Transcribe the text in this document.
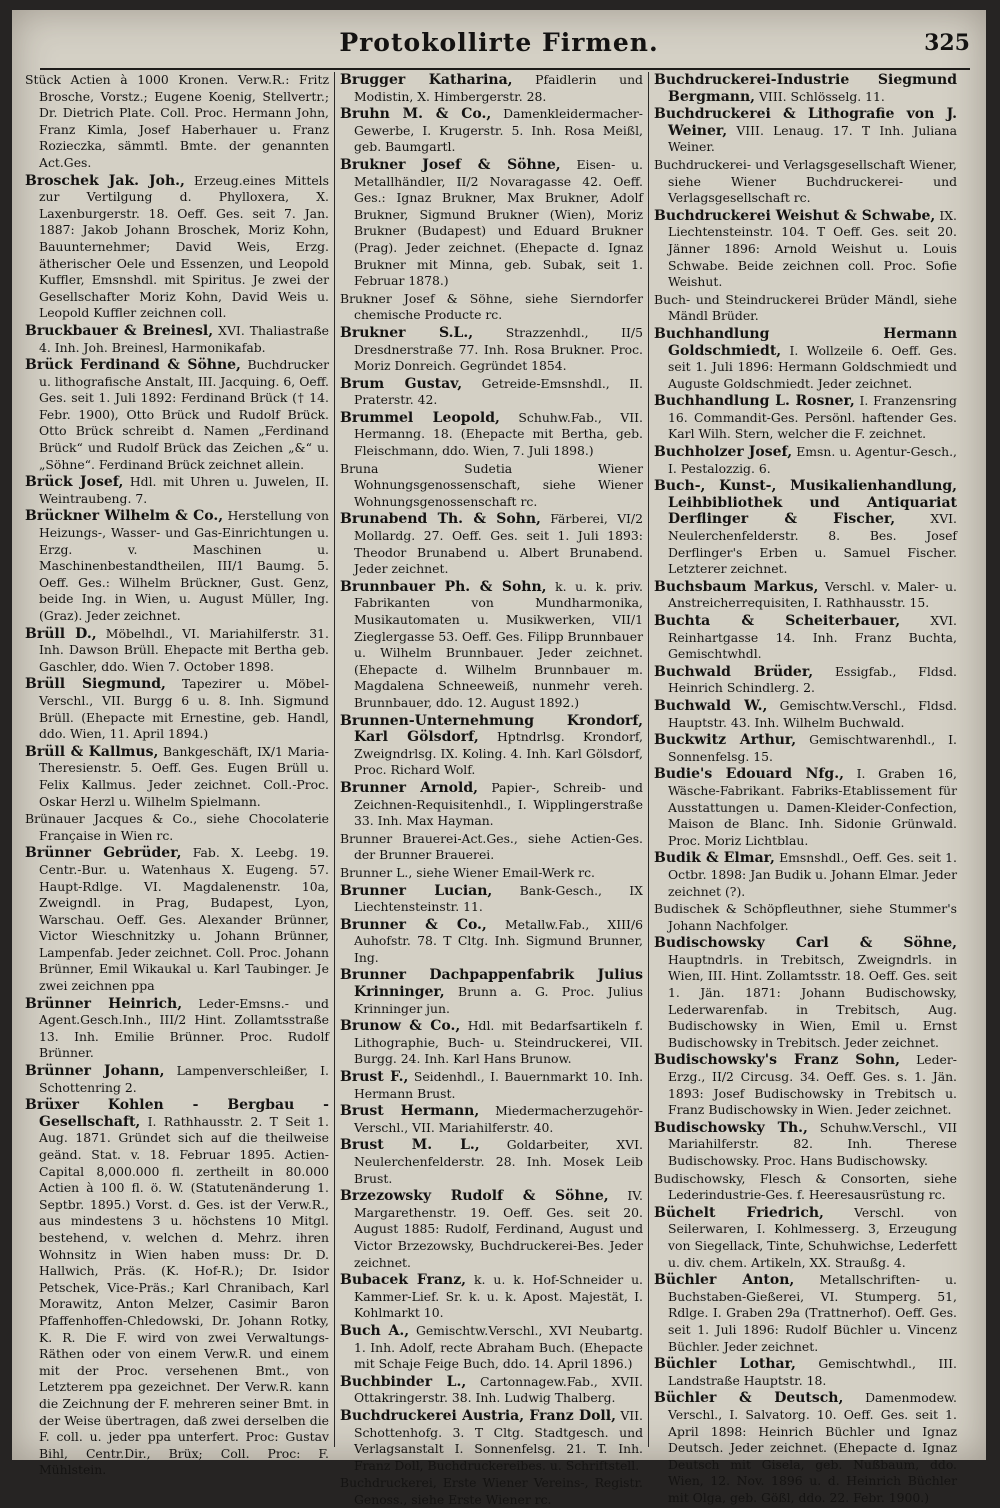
Protokollirte Firmen.	325

Stück Actien à 1000 Kronen. Verw.R.: Fritz Brosche, Vorstz.; Eugene Koenig, Stellvertr.; Dr. Dietrich Plate. Coll. Proc. Hermann John, Franz Kimla, Josef Haberhauer u. Franz Rozieczka, sämmtl. Bmte. der genannten Act.Ges.

Broschek Jak. Joh., Erzeug.eines Mittels zur Vertilgung d. Phylloxera, X. Laxenburgerstr. 18. Oeff. Ges. seit 7. Jan. 1887: Jakob Johann Broschek, Moriz Kohn, Bauunternehmer; David Weis, Erzg. ätherischer Oele und Essenzen, und Leopold Kuffler, Emsnshdl. mit Spiritus. Je zwei der Gesellschafter Moriz Kohn, David Weis u. Leopold Kuffler zeichnen coll.

Bruckbauer & Breinesl, XVI. Thaliastraße 4. Inh. Joh. Breinesl, Harmonikafab.

Brück Ferdinand & Söhne, Buchdrucker u. lithografische Anstalt, III. Jacquing. 6, Oeff. Ges. seit 1. Juli 1892: Ferdinand Brück († 14. Febr. 1900), Otto Brück und Rudolf Brück. Otto Brück schreibt d. Namen „Ferdinand Brück“ und Rudolf Brück das Zeichen „&“ u. „Söhne“. Ferdinand Brück zeichnet allein.

Brück Josef, Hdl. mit Uhren u. Juwelen, II. Weintraubeng. 7.

Brückner Wilhelm & Co., Herstellung von Heizungs-, Wasser- und Gas-Einrichtungen u. Erzg. v. Maschinen u. Maschinenbestandtheilen, III/1 Baumg. 5. Oeff. Ges.: Wilhelm Brückner, Gust. Genz, beide Ing. in Wien, u. August Müller, Ing. (Graz). Jeder zeichnet.

Brüll D., Möbelhdl., VI. Mariahilferstr. 31. Inh. Dawson Brüll. Ehepacte mit Bertha geb. Gaschler, ddo. Wien 7. October 1898.

Brüll Siegmund, Tapezirer u. Möbel-Verschl., VII. Burgg 6 u. 8. Inh. Sigmund Brüll. (Ehepacte mit Ernestine, geb. Handl, ddo. Wien, 11. April 1894.)

Brüll & Kallmus, Bankgeschäft, IX/1 Maria-Theresienstr. 5. Oeff. Ges. Eugen Brüll u. Felix Kallmus. Jeder zeichnet. Coll.-Proc. Oskar Herzl u. Wilhelm Spielmann.

Brünauer Jacques & Co., siehe Chocolaterie Française in Wien rc.

Brünner Gebrüder, Fab. X. Leebg. 19. Centr.-Bur. u. Watenhaus X. Eugeng. 57. Haupt-Rdlge. VI. Magdalenenstr. 10a, Zweigndl. in Prag, Budapest, Lyon, Warschau. Oeff. Ges. Alexander Brünner, Victor Wieschnitzky u. Johann Brünner, Lampenfab. Jeder zeichnet. Coll. Proc. Johann Brünner, Emil Wikaukal u. Karl Taubinger. Je zwei zeichnen ppa

Brünner Heinrich, Leder-Emsns.- und Agent.Gesch.Inh., III/2 Hint. Zollamtsstraße 13. Inh. Emilie Brünner. Proc. Rudolf Brünner.

Brünner Johann, Lampenverschleißer, I. Schottenring 2.

Brüxer Kohlen - Bergbau - Gesellschaft, I. Rathhausstr. 2. T Seit 1. Aug. 1871. Gründet sich auf die theilweise geänd. Stat. v. 18. Februar 1895. Actien-Capital 8,000.000 fl. zertheilt in 80.000 Actien à 100 fl. ö. W. (Statutenänderung 1. Septbr. 1895.) Vorst. d. Ges. ist der Verw.R., aus mindestens 3 u. höchstens 10 Mitgl. bestehend, v. welchen d. Mehrz. ihren Wohnsitz in Wien haben muss: Dr. D. Hallwich, Präs. (K. Hof-R.); Dr. Isidor Petschek, Vice-Präs.; Karl Chranibach, Karl Morawitz, Anton Melzer, Casimir Baron Pfaffenhoffen-Chledowski, Dr. Johann Rotky, K. R. Die F. wird von zwei Verwaltungs-Räthen oder von einem Verw.R. und einem mit der Proc. versehenen Bmt., von Letzterem ppa gezeichnet. Der Verw.R. kann die Zeichnung der F. mehreren seiner Bmt. in der Weise übertragen, daß zwei derselben die F. coll. u. jeder ppa unterfert. Proc: Gustav Bihl, Centr.Dir., Brüx; Coll. Proc: F. Mühlstein.

Brugger Katharina, Pfaidlerin und Modistin, X. Himbergerstr. 28.

Bruhn M. & Co., Damenkleidermacher-Gewerbe, I. Krugerstr. 5. Inh. Rosa Meißl, geb. Baumgartl.

Brukner Josef & Söhne, Eisen- u. Metallhändler, II/2 Novaragasse 42. Oeff. Ges.: Ignaz Brukner, Max Brukner, Adolf Brukner, Sigmund Brukner (Wien), Moriz Brukner (Budapest) und Eduard Brukner (Prag). Jeder zeichnet. (Ehepacte d. Ignaz Brukner mit Minna, geb. Subak, seit 1. Februar 1878.)

Brukner Josef & Söhne, siehe Sierndorfer chemische Producte rc.

Brukner S.L.,	Strazzenhdl., II/5 Dresdnerstraße 77. Inh. Rosa Brukner. Proc. Moriz Donreich. Gegründet 1854.

Brum Gustav, Getreide-Emsnshdl., II. Praterstr. 42.

Brummel Leopold, Schuhw.Fab., VII. Hermanng. 18. (Ehepacte mit Bertha, geb. Fleischmann, ddo. Wien, 7. Juli 1898.)

Bruna Sudetia Wiener Wohnungsgenossenschaft, siehe Wiener Wohnungsgenossenschaft rc.

Brunabend Th. & Sohn, Färberei, VI/2 Mollardg. 27. Oeff. Ges. seit 1. Juli 1893: Theodor Brunabend u. Albert Brunabend. Jeder zeichnet.

Brunnbauer Ph. & Sohn, k. u. k. priv. Fabrikanten von Mundharmonika, Musikautomaten u. Musikwerken, VII/1 Zieglergasse 53. Oeff. Ges. Filipp Brunnbauer u. Wilhelm Brunnbauer. Jeder zeichnet. (Ehepacte d. Wilhelm Brunnbauer m. Magdalena Schneeweiß, nunmehr vereh. Brunnbauer, ddo. 12. August 1892.)

Brunnen-Unternehmung Krondorf, Karl Gölsdorf, Hptndrlsg. Krondorf, Zweigndrlsg. IX. Koling. 4. Inh. Karl Gölsdorf, Proc. Richard Wolf.

Brunner Arnold, Papier-, Schreib- und Zeichnen-Requisitenhdl., I. Wipplingerstraße 33. Inh. Max Hayman.

Brunner Brauerei-Act.Ges., siehe Actien-Ges. der Brunner Brauerei.

Brunner L., siehe Wiener Email-Werk rc.

Brunner Lucian, Bank-Gesch., IX Liechtensteinstr. 11.

Brunner & Co., Metallw.Fab., XIII/6 Auhofstr. 78. T Cltg. Inh. Sigmund Brunner, Ing.

Brunner Dachpappenfabrik Julius Krinninger, Brunn a. G. Proc. Julius Krinninger jun.

Brunow & Co., Hdl. mit Bedarfsartikeln f. Lithographie, Buch- u. Steindruckerei, VII. Burgg. 24. Inh. Karl Hans Brunow.

Brust F., Seidenhdl., I. Bauernmarkt 10. Inh. Hermann Brust.

Brust Hermann, Miedermacherzugehör-Verschl., VII. Mariahilferstr. 40.

Brust M. L., Goldarbeiter, XVI. Neulerchenfelderstr. 28. Inh. Mosek Leib Brust.

Brzezowsky Rudolf & Söhne, IV. Margarethenstr. 19. Oeff. Ges. seit 20. August 1885: Rudolf, Ferdinand, August und Victor Brzezowsky, Buchdruckerei-Bes. Jeder zeichnet.

Bubacek Franz, k. u. k. Hof-Schneider u. Kammer-Lief. Sr. k. u. k. Apost. Majestät, I. Kohlmarkt 10.

Buch A., Gemischtw.Verschl., XVI Neubartg. 1. Inh. Adolf, recte Abraham Buch. (Ehepacte mit Schaje Feige Buch, ddo. 14. April 1896.)

Buchbinder L., Cartonnagew.Fab., XVII. Ottakringerstr. 38. Inh. Ludwig Thalberg.

Buchdruckerei Austria, Franz Doll, VII. Schottenhofg. 3. T Cltg. Stadtgesch. und Verlagsanstalt I. Sonnenfelsg. 21. T. Inh. Franz Doll, Buchdruckereibes. u. Schriftstell.

Buchdruckerei, Erste Wiener Vereins-, Registr. Genoss., siehe Erste Wiener rc.

Buchdruckerei-Industrie Siegmund Bergmann, VIII. Schlösselg. 11.

Buchdruckerei & Lithografie von J. Weiner, VIII. Lenaug. 17. T Inh. Juliana Weiner.

Buchdruckerei- und Verlagsgesellschaft Wiener, siehe Wiener Buchdruckerei- und Verlagsgesellschaft rc.

Buchdruckerei Weishut & Schwabe, IX. Liechtensteinstr. 104. T Oeff. Ges. seit 20. Jänner 1896: Arnold Weishut u. Louis Schwabe. Beide zeichnen coll. Proc. Sofie Weishut.

Buch- und Steindruckerei Brüder Mändl, siehe Mändl Brüder.

Buchhandlung Hermann Goldschmiedt, I. Wollzeile 6. Oeff. Ges. seit 1. Juli 1896: Hermann Goldschmiedt und Auguste Goldschmiedt. Jeder zeichnet.

Buchhandlung L. Rosner, I. Franzensring 16. Commandit-Ges. Persönl. haftender Ges. Karl Wilh. Stern, welcher die F. zeichnet.

Buchholzer Josef, Emsn. u. Agentur-Gesch., I. Pestalozzig. 6.

Buch-, Kunst-, Musikalienhandlung, Leihbibliothek und Antiquariat Derflinger & Fischer,	XVI. Neulerchenfelderstr. 8. Bes. Josef Derflinger's Erben u. Samuel Fischer. Letzterer zeichnet.

Buchsbaum Markus, Verschl. v. Maler- u. Anstreicherrequisiten, I. Rathhausstr. 15.

Buchta & Scheiterbauer, XVI. Reinhartgasse 14. Inh. Franz Buchta, Gemischtwhdl.

Buchwald Brüder, Essigfab., Fldsd. Heinrich Schindlerg. 2.

Buchwald W., Gemischtw.Verschl., Fldsd. Hauptstr. 43. Inh. Wilhelm Buchwald.

Buckwitz Arthur, Gemischtwarenhdl., I. Sonnenfelsg. 15.

Budie's Edouard Nfg., I. Graben 16, Wäsche-Fabrikant. Fabriks-Etablissement für Ausstattungen u. Damen-Kleider-Confection, Maison de Blanc. Inh. Sidonie Grünwald. Proc. Moriz Lichtblau.

Budik & Elmar, Emsnshdl., Oeff. Ges. seit 1. Octbr. 1898: Jan Budik u. Johann Elmar. Jeder zeichnet (?).

Budischek & Schöpfleuthner, siehe Stummer's Johann Nachfolger.

Budischowsky Carl & Söhne, Hauptndrls. in Trebitsch, Zweigndrls. in Wien, III. Hint. Zollamtsstr. 18. Oeff. Ges. seit 1. Jän. 1871: Johann Budischowsky, Lederwarenfab. in Trebitsch, Aug. Budischowsky in Wien, Emil u. Ernst Budischowsky in Trebitsch. Jeder zeichnet.

Budischowsky's Franz Sohn, Leder-Erzg., II/2 Circusg. 34. Oeff. Ges. s. 1. Jän. 1893: Josef Budischowsky in Trebitsch u. Franz Budischowsky in Wien. Jeder zeichnet.

Budischowsky Th., Schuhw.Verschl., VII Mariahilferstr. 82. Inh. Therese Budischowsky. Proc. Hans Budischowsky.

Budischowsky, Flesch & Consorten, siehe Lederindustrie-Ges. f. Heeresausrüstung rc.

Büchelt Friedrich, Verschl. von Seilerwaren, I. Kohlmesserg. 3, Erzeugung von Siegellack, Tinte, Schuhwichse, Lederfett u. div. chem. Artikeln, XX. Straußg. 4.

Büchler Anton, Metallschriften- u. Buchstaben-Gießerei, VI. Stumperg. 51, Rdlge. I. Graben 29a (Trattnerhof). Oeff. Ges. seit 1. Juli 1896: Rudolf Büchler u. Vincenz Büchler. Jeder zeichnet.

Büchler Lothar, Gemischtwhdl., III. Landstraße Hauptstr. 18.

Büchler & Deutsch, Damenmodew. Verschl., I. Salvatorg. 10. Oeff. Ges. seit 1. April 1898: Heinrich Büchler und Ignaz Deutsch. Jeder zeichnet. (Ehepacte d. Ignaz Deutsch mit Gisela, geb. Nußbaum, ddo. Wien, 12. Nov. 1896 u. d. Heinrich Büchler mit Olga, geb. Gößl, ddo. 22. Febr. 1900.)
